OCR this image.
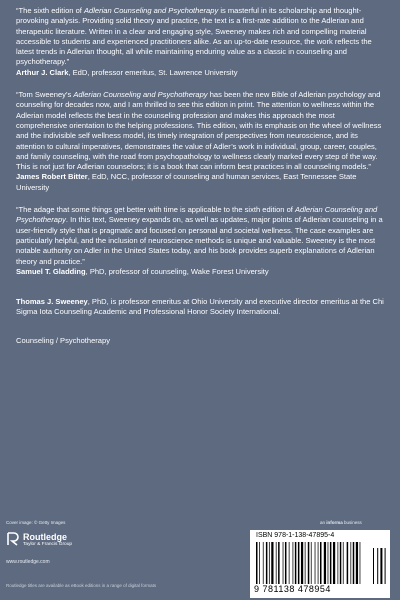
“The sixth edition of Adlerian Counseling and Psychotherapy is masterful in its scholarship and thought-provoking analysis. Providing solid theory and practice, the text is a first-rate addition to the Adlerian and therapeutic literature. Written in a clear and engaging style, Sweeney makes rich and compelling material accessible to students and experienced practitioners alike. As an up-to-date resource, the work reflects the latest trends in Adlerian thought, all while maintaining enduring value as a classic in counseling and psychotherapy.”

Arthur J. Clark, EdD, professor emeritus, St. Lawrence University

“Tom Sweeney’s Adlerian Counseling and Psychotherapy has been the new Bible of Adlerian psychology and counseling for decades now, and I am thrilled to see this edition in print. The attention to wellness within the Adlerian model reflects the best in the counseling profession and makes this approach the most comprehensive orientation to the helping professions. This edition, with its emphasis on the wheel of wellness and the indivisible self wellness model, its timely integration of perspectives from neuroscience, and its attention to cultural imperatives, demonstrates the value of Adler’s work in individual, group, career, couples, and family counseling, with the road from psychopathology to wellness clearly marked every step of the way. This is not just for Adlerian counselors; it is a book that can inform best practices in all counseling models.”

James Robert Bitter, EdD, NCC, professor of counseling and human services, East Tennessee State University

“The adage that some things get better with time is applicable to the sixth edition of Adlerian Counseling and Psychotherapy. In this text, Sweeney expands on, as well as updates, major points of Adlerian counseling in a user-friendly style that is pragmatic and focused on personal and societal wellness. The case examples are particularly helpful, and the inclusion of neuroscience methods is unique and valuable. Sweeney is the most notable authority on Adler in the United States today, and his book provides superb explanations of Adlerian theory and practice.”

Samuel T. Gladding, PhD, professor of counseling, Wake Forest University

Thomas J. Sweeney, PhD, is professor emeritus at Ohio University and executive director emeritus at the Chi Sigma Iota Counseling Academic and Professional Honor Society International.

Counseling / Psychotherapy

Cover image: © Getty Images
Routledge
Taylor & Francis Group
www.routledge.com
Routledge titles are available as eBook editions in a range of digital formats
an informa business
ISBN 978-1-138-47895-4
9 781138 478954
